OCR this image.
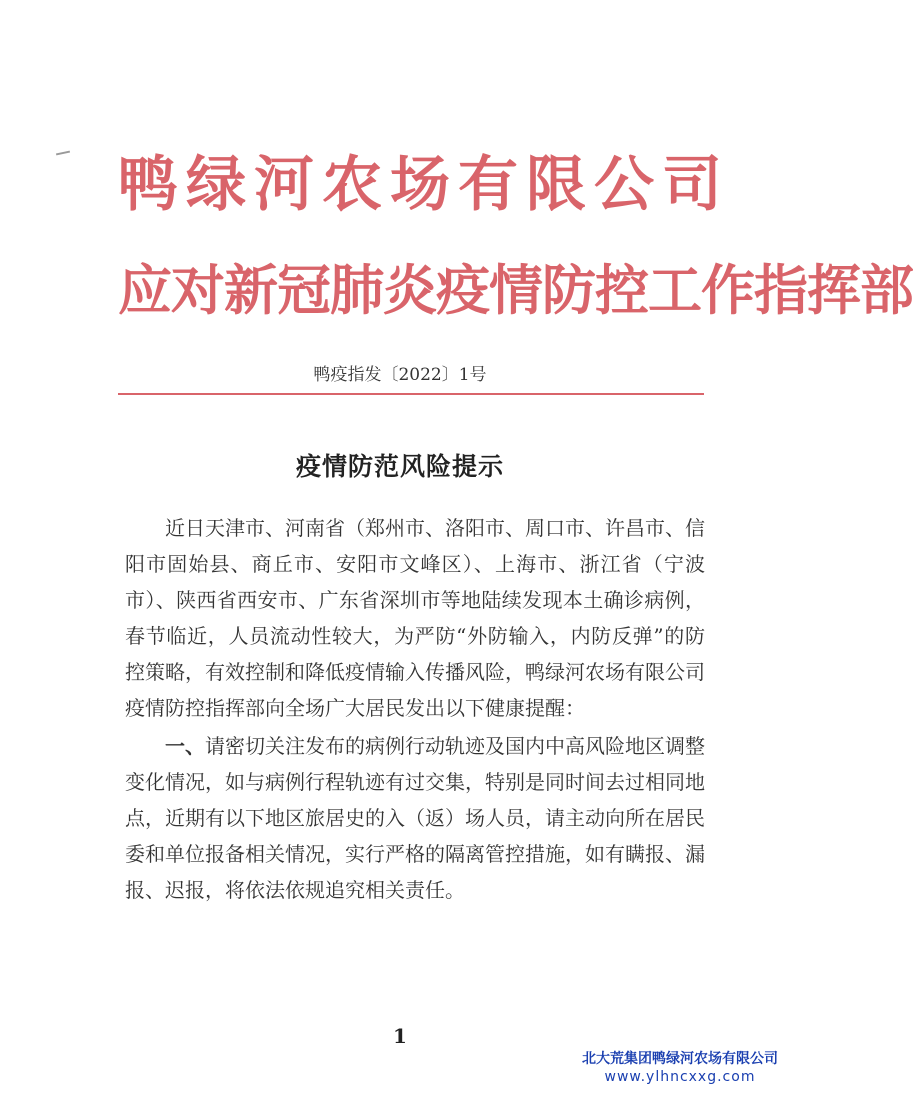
鸭绿河农场有限公司
应对新冠肺炎疫情防控工作指挥部
鸭疫指发〔2022〕1号
疫情防范风险提示

近日天津市、河南省（郑州市、洛阳市、周口市、许昌市、信阳市固始县、商丘市、安阳市文峰区）、上海市、浙江省（宁波市）、陕西省西安市、广东省深圳市等地陆续发现本土确诊病例，春节临近，人员流动性较大，为严防“外防输入，内防反弹”的防控策略，有效控制和降低疫情输入传播风险，鸭绿河农场有限公司疫情防控指挥部向全场广大居民发出以下健康提醒：

一、请密切关注发布的病例行动轨迹及国内中高风险地区调整变化情况，如与病例行程轨迹有过交集，特别是同时间去过相同地点，近期有以下地区旅居史的入（返）场人员，请主动向所在居民委和单位报备相关情况，实行严格的隔离管控措施，如有瞒报、漏报、迟报，将依法依规追究相关责任。

1
北大荒集团鸭绿河农场有限公司
www.ylhncxxg.com
